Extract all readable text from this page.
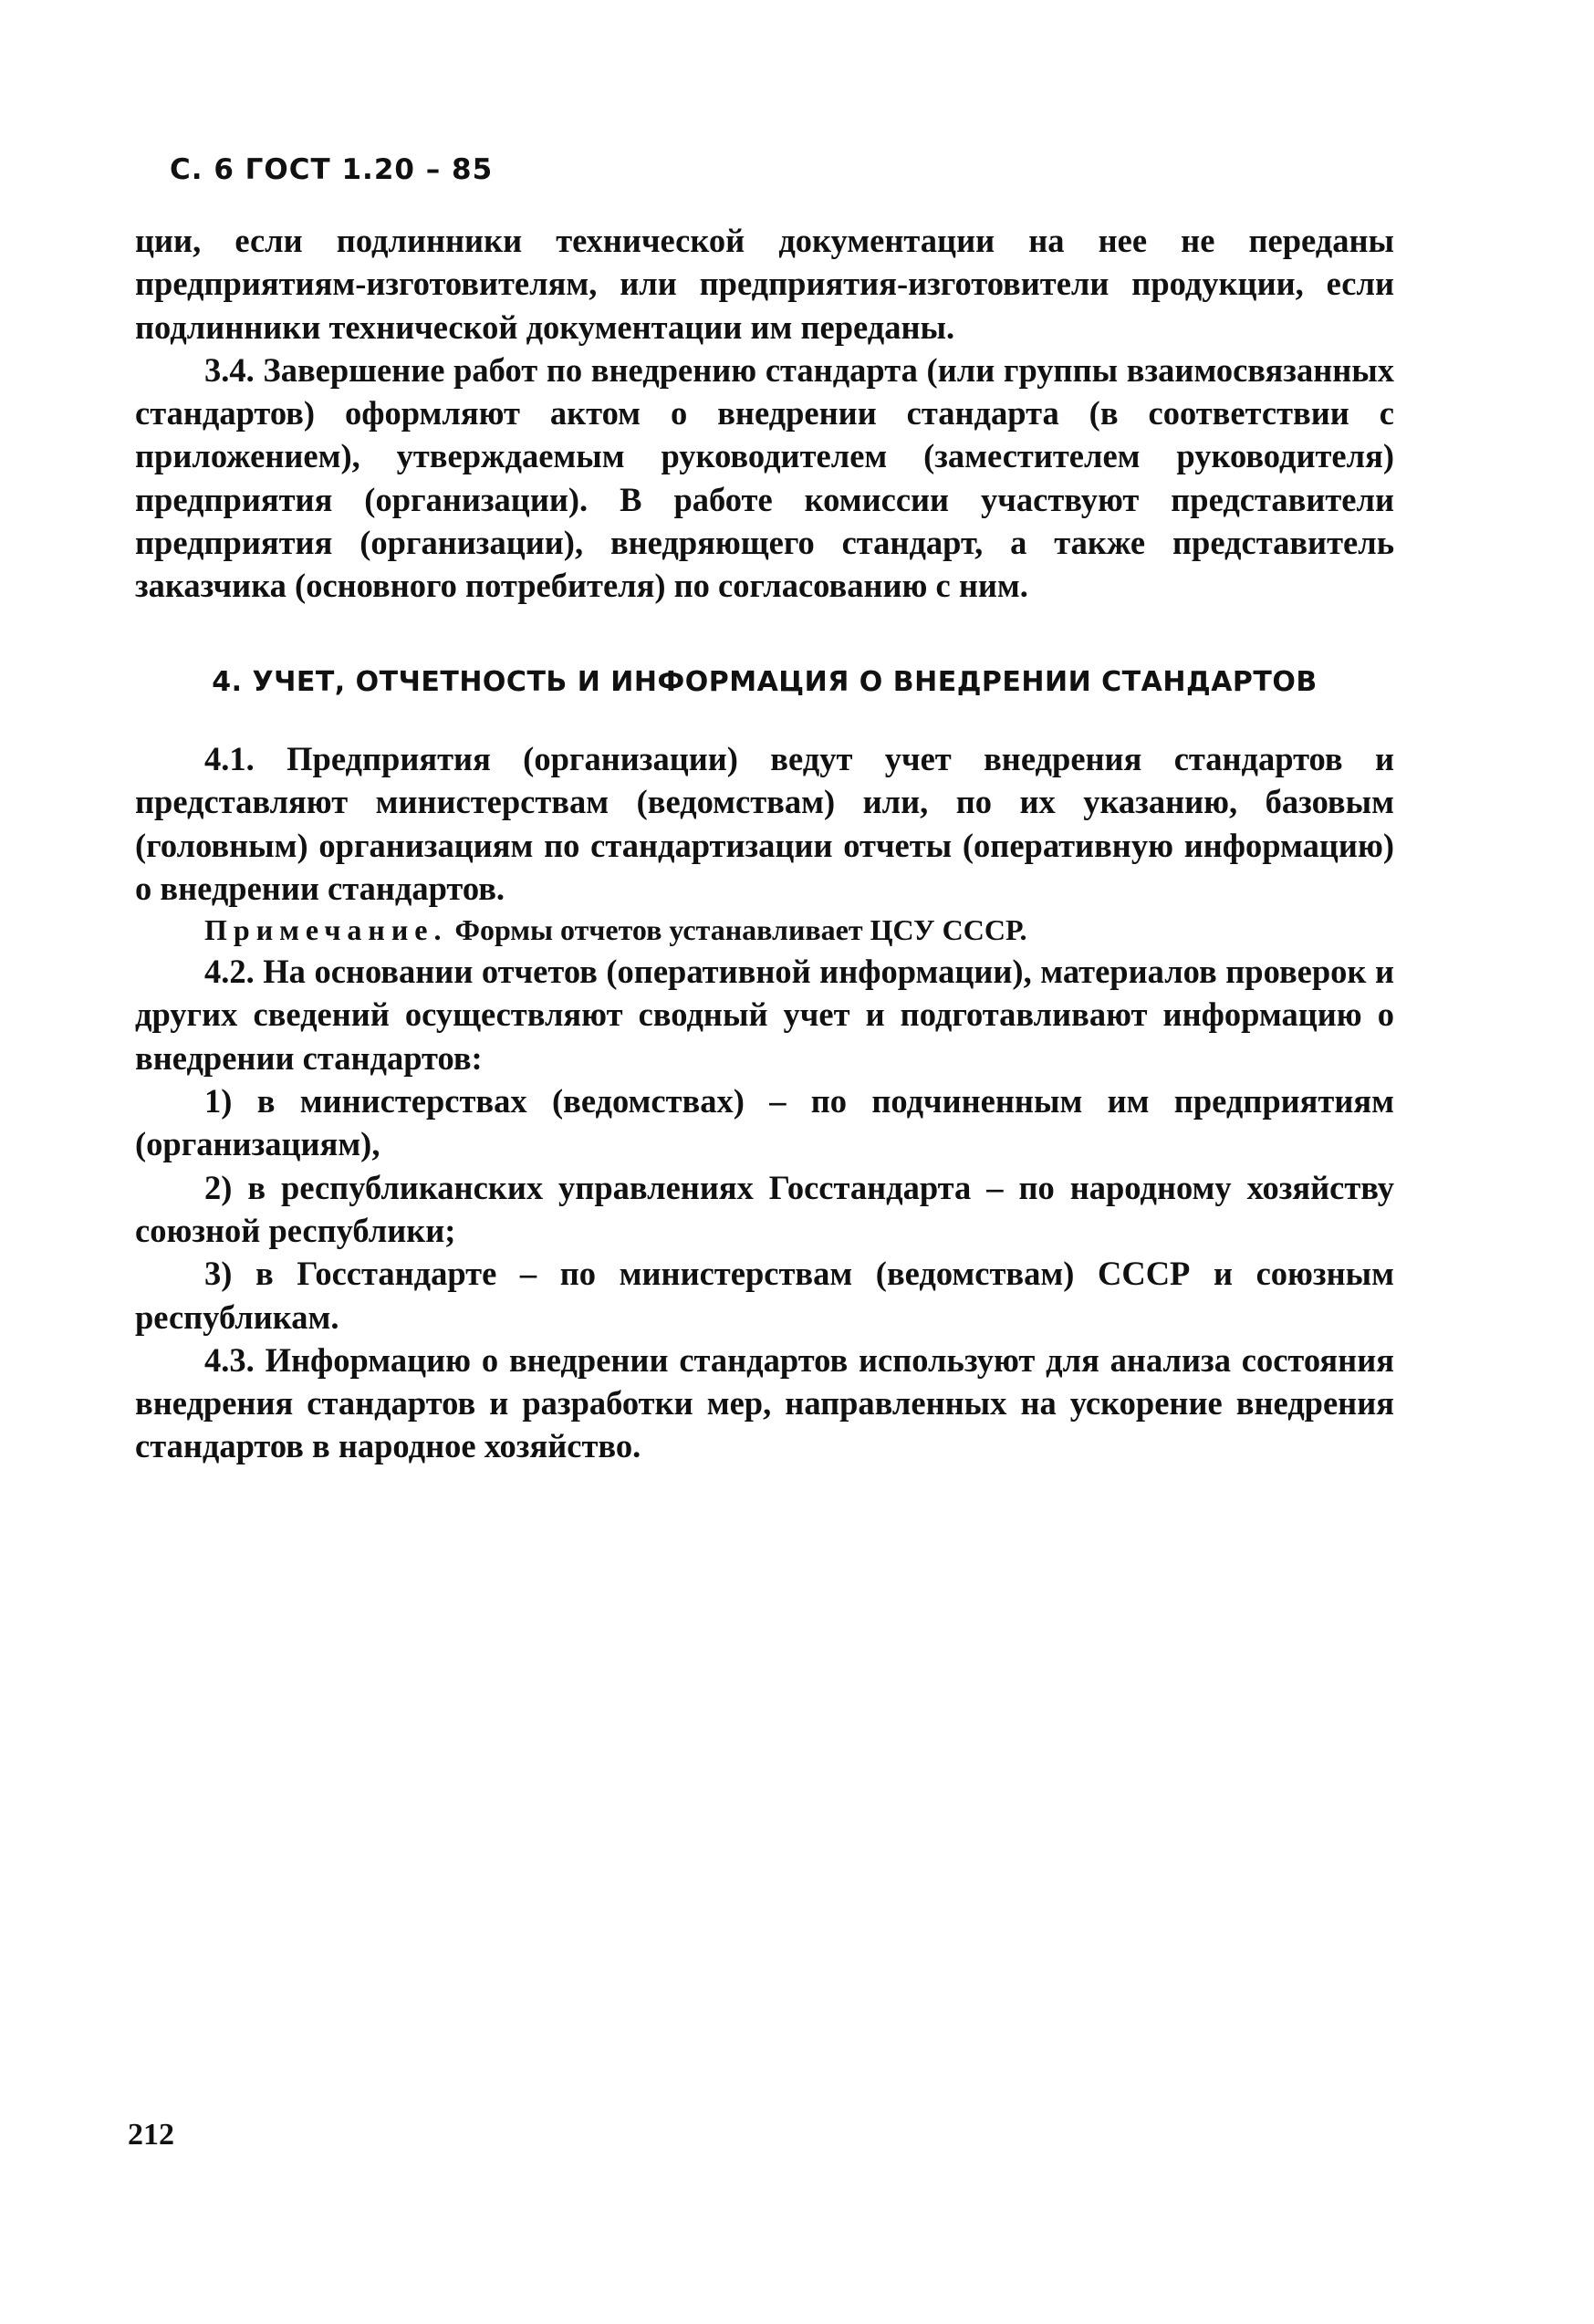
С. 6 ГОСТ 1.20 – 85

ции, если подлинники технической документации на нее не переданы предприятиям-изготовителям, или предприятия-изготовители продукции, если подлинники технической документации им переданы.

3.4. Завершение работ по внедрению стандарта (или группы взаимосвязанных стандартов) оформляют актом о внедрении стандарта (в соответствии с приложением), утверждаемым руководителем (заместителем руководителя) предприятия (организации). В работе комиссии участвуют представители предприятия (организации), внедряющего стандарт, а также представитель заказчика (основного потребителя) по согласованию с ним.

4. УЧЕТ, ОТЧЕТНОСТЬ И ИНФОРМАЦИЯ О ВНЕДРЕНИИ СТАНДАРТОВ

4.1. Предприятия (организации) ведут учет внедрения стандартов и представляют министерствам (ведомствам) или, по их указанию, базовым (головным) организациям по стандартизации отчеты (оперативную информацию) о внедрении стандартов.

Примечание. Формы отчетов устанавливает ЦСУ СССР.

4.2. На основании отчетов (оперативной информации), материалов проверок и других сведений осуществляют сводный учет и подготавливают информацию о внедрении стандартов:

1) в министерствах (ведомствах) – по подчиненным им предприятиям (организациям),

2) в республиканских управлениях Госстандарта – по народному хозяйству союзной республики;

3) в Госстандарте – по министерствам (ведомствам) СССР и союзным республикам.

4.3. Информацию о внедрении стандартов используют для анализа состояния внедрения стандартов и разработки мер, направленных на ускорение внедрения стандартов в народное хозяйство.

212
